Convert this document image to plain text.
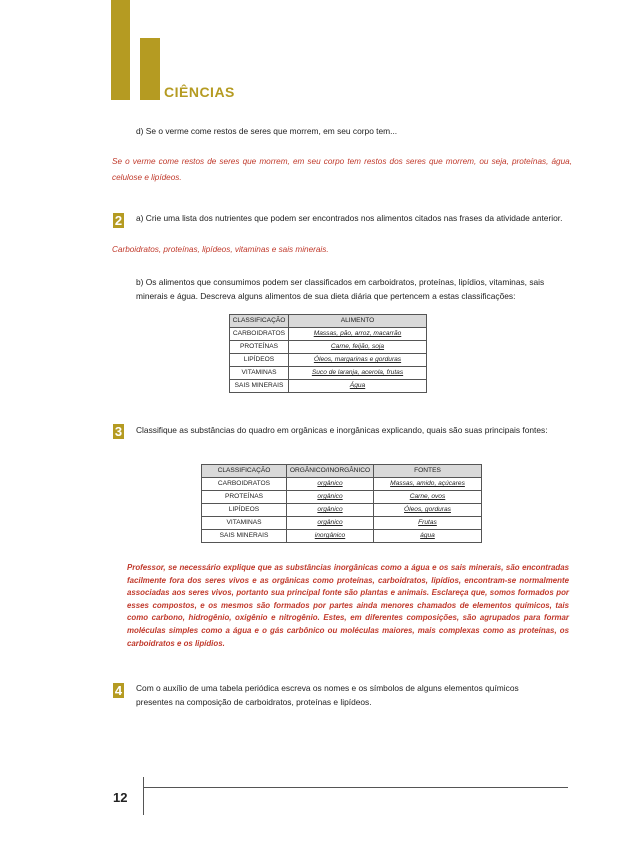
CIÊNCIAS
d) Se o verme come restos de seres que morrem, em seu corpo tem...
Se o verme come restos de seres que morrem, em seu corpo tem restos dos seres que morrem, ou seja, proteínas, água, celulose e lipídeos.
2 a) Crie uma lista dos nutrientes que podem ser encontrados nos alimentos citados nas frases da atividade anterior.
Carboidratos, proteínas, lipídeos, vitaminas e sais minerais.
b) Os alimentos que consumimos podem ser classificados em carboidratos, proteínas, lipídios, vitaminas, sais minerais e água. Descreva alguns alimentos de sua dieta diária que pertencem a estas classificações:
CLASSIFICAÇÃO	ALIMENTO
CARBOIDRATOS	Massas, pão, arroz, macarrão
PROTEÍNAS	Carne, feijão, soja
LIPÍDEOS	Óleos, margarinas e gorduras
VITAMINAS	Suco de laranja, acerola, frutas
SAIS MINERAIS	Água
3 Classifique as substâncias do quadro em orgânicas e inorgânicas explicando, quais são suas principais fontes:
CLASSIFICAÇÃO	ORGÂNICO/INORGÂNICO	FONTES
CARBOIDRATOS	orgânico	Massas, amido, açúcares
PROTEÍNAS	orgânico	Carne, ovos
LIPÍDEOS	orgânico	Óleos, gorduras
VITAMINAS	orgânico	Frutas
SAIS MINERAIS	inorgânico	água
Professor, se necessário explique que as substâncias inorgânicas como a água e os sais minerais, são encontradas facilmente fora dos seres vivos e as orgânicas como proteínas, carboidratos, lipídios, encontram-se normalmente associadas aos seres vivos, portanto sua principal fonte são plantas e animais. Esclareça que, somos formados por esses compostos, e os mesmos são formados por partes ainda menores chamados de elementos químicos, tais como carbono, hidrogênio, oxigênio e nitrogênio. Estes, em diferentes composições, são agrupados para formar moléculas simples como a água e o gás carbônico ou moléculas maiores, mais complexas como as proteínas, os carboidratos e os lipídios.
4 Com o auxílio de uma tabela periódica escreva os nomes e os símbolos de alguns elementos químicos presentes na composição de carboidratos, proteínas e lipídeos.
12
